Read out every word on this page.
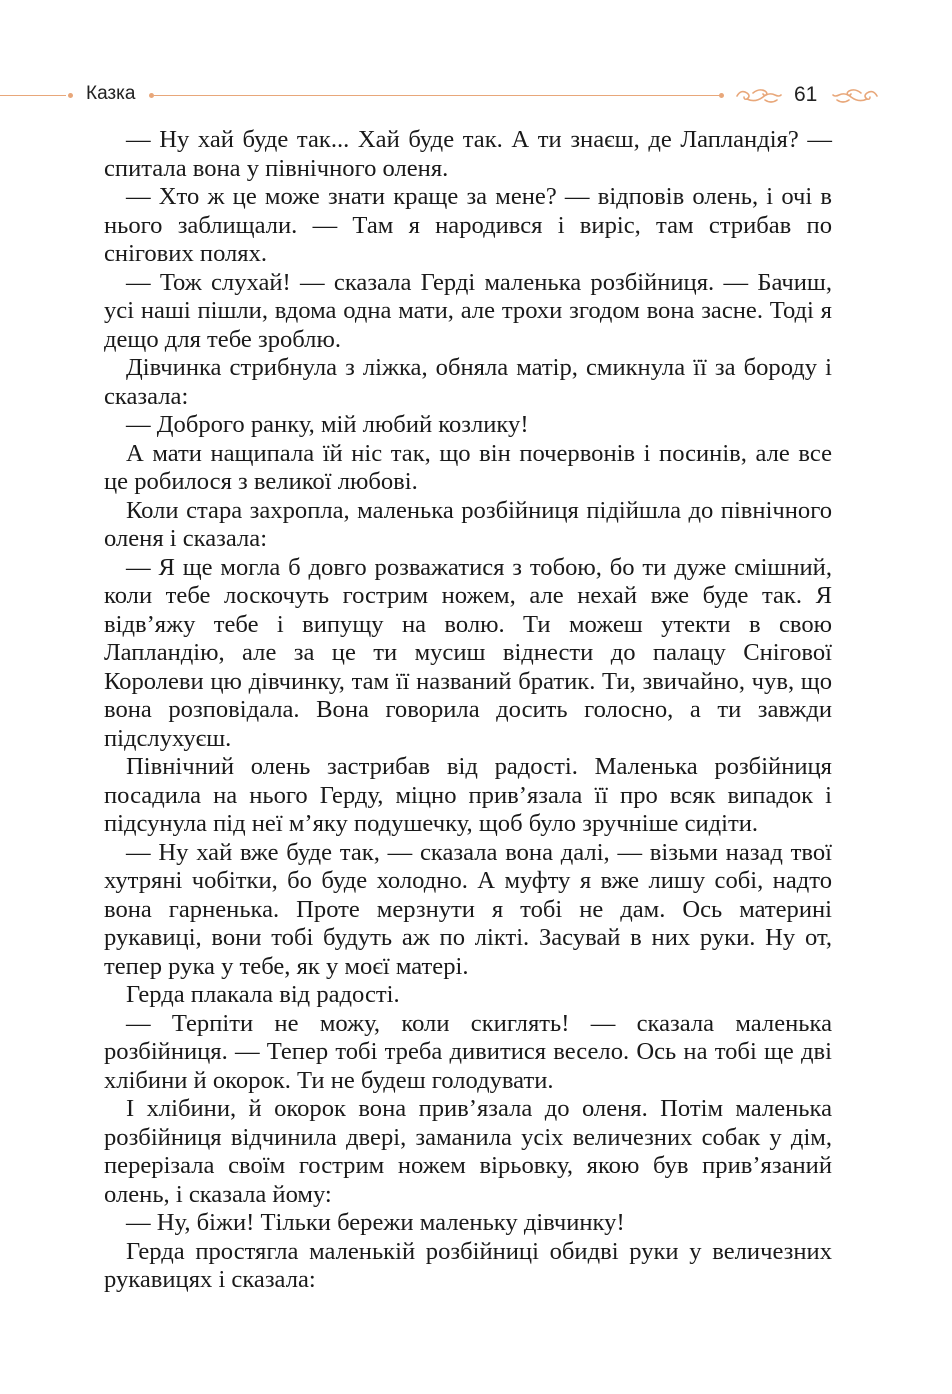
Казка	61

— Ну хай буде так... Хай буде так. А ти знаєш, де Лапландія? — спитала вона у північного оленя.

— Хто ж це може знати краще за мене? — відповів олень, і очі в нього заблищали. — Там я народився і виріс, там стрибав по снігових полях.

— Тож слухай! — сказала Герді маленька розбійниця. — Бачиш, усі наші пішли, вдома одна мати, але трохи згодом вона засне. Тоді я дещо для тебе зроблю.

Дівчинка стрибнула з ліжка, обняла матір, смикнула її за бороду і сказала:

— Доброго ранку, мій любий козлику!

А мати нащипала їй ніс так, що він почервонів і посинів, але все це робилося з великої любові.

Коли стара захропла, маленька розбійниця підійшла до північного оленя і сказала:

— Я ще могла б довго розважатися з тобою, бо ти дуже смішний, коли тебе лоскочуть гострим ножем, але нехай вже буде так. Я відв’яжу тебе і випущу на волю. Ти можеш утекти в свою Лапландію, але за це ти мусиш віднести до палацу Снігової Королеви цю дівчинку, там її названий братик. Ти, звичайно, чув, що вона розповідала. Вона говорила досить голосно, а ти завжди підслухуєш.

Північний олень застрибав від радості. Маленька розбійниця посадила на нього Герду, міцно прив’язала її про всяк випадок і підсунула під неї м’яку подушечку, щоб було зручніше сидіти.

— Ну хай вже буде так, — сказала вона далі, — візьми назад твої хутряні чобітки, бо буде холодно. А муфту я вже лишу собі, надто вона гарненька. Проте мерзнути я тобі не дам. Ось материні рукавиці, вони тобі будуть аж по лікті. Засувай в них руки. Ну от, тепер рука у тебе, як у моєї матері.

Герда плакала від радості.

— Терпіти не можу, коли скиглять! — сказала маленька розбійниця. — Тепер тобі треба дивитися весело. Ось на тобі ще дві хлібини й окорок. Ти не будеш голодувати.

І хлібини, й окорок вона прив’язала до оленя. Потім маленька розбійниця відчинила двері, заманила усіх величезних собак у дім, перерізала своїм гострим ножем вірьовку, якою був прив’язаний олень, і сказала йому:

— Ну, біжи! Тільки бережи маленьку дівчинку!

Герда простягла маленькій розбійниці обидві руки у величезних рукавицях і сказала:
